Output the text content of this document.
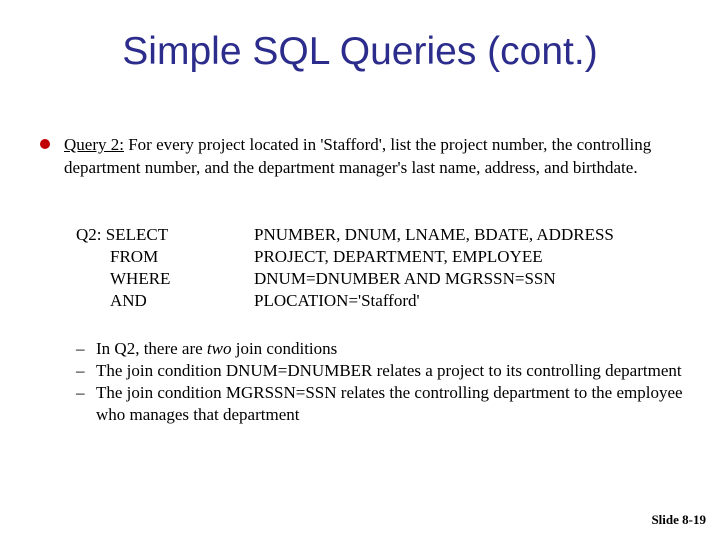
Simple SQL Queries (cont.)
Query 2: For every project located in 'Stafford', list the project number, the controlling department number, and the department manager's last name, address, and birthdate.
Q2: SELECT	PNUMBER, DNUM, LNAME, BDATE, ADDRESS
FROM	PROJECT, DEPARTMENT, EMPLOYEE
WHERE	DNUM=DNUMBER AND MGRSSN=SSN
AND	PLOCATION='Stafford'
– In Q2, there are two join conditions
– The join condition DNUM=DNUMBER relates a project to its controlling department
– The join condition MGRSSN=SSN relates the controlling department to the employee who manages that department
Slide 8-19
